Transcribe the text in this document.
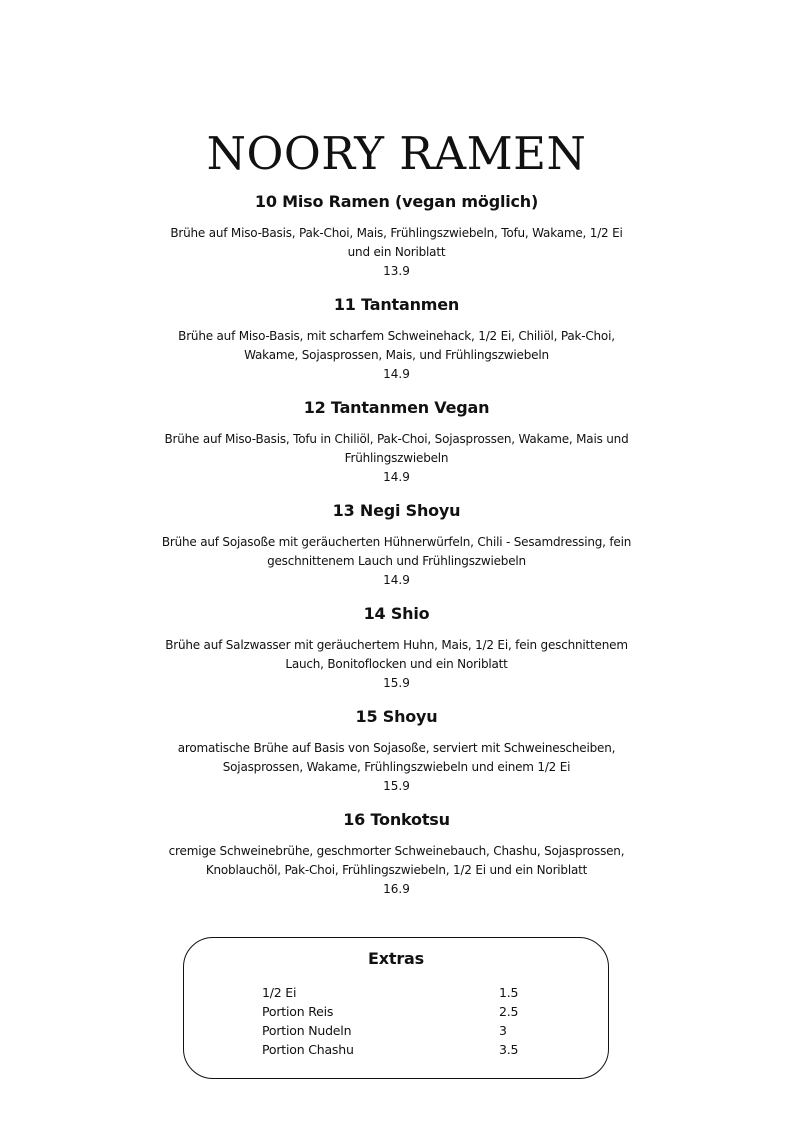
NOORY RAMEN
10 Miso Ramen (vegan möglich)
Brühe auf Miso-Basis, Pak-Choi, Mais, Frühlingszwiebeln, Tofu, Wakame, 1/2 Ei
und ein Noriblatt
13.9
11 Tantanmen
Brühe auf Miso-Basis, mit scharfem Schweinehack, 1/2 Ei, Chiliöl, Pak-Choi,
Wakame, Sojasprossen, Mais, und Frühlingszwiebeln
14.9
12 Tantanmen Vegan
Brühe auf Miso-Basis, Tofu in Chiliöl, Pak-Choi, Sojasprossen, Wakame, Mais und
Frühlingszwiebeln
14.9
13 Negi Shoyu
Brühe auf Sojasoße mit geräucherten Hühnerwürfeln, Chili - Sesamdressing, fein
geschnittenem Lauch und Frühlingszwiebeln
14.9
14 Shio
Brühe auf Salzwasser mit geräuchertem Huhn, Mais, 1/2 Ei, fein geschnittenem
Lauch, Bonitoflocken und ein Noriblatt
15.9
15 Shoyu
aromatische Brühe auf Basis von Sojasoße, serviert mit Schweinescheiben,
Sojasprossen, Wakame, Frühlingszwiebeln und einem 1/2 Ei
15.9
16 Tonkotsu
cremige Schweinebrühe, geschmorter Schweinebauch, Chashu, Sojasprossen,
Knoblauchöl, Pak-Choi, Frühlingszwiebeln, 1/2 Ei und ein Noriblatt
16.9
Extras
1/2 Ei	1.5
Portion Reis	2.5
Portion Nudeln	3
Portion Chashu	3.5
